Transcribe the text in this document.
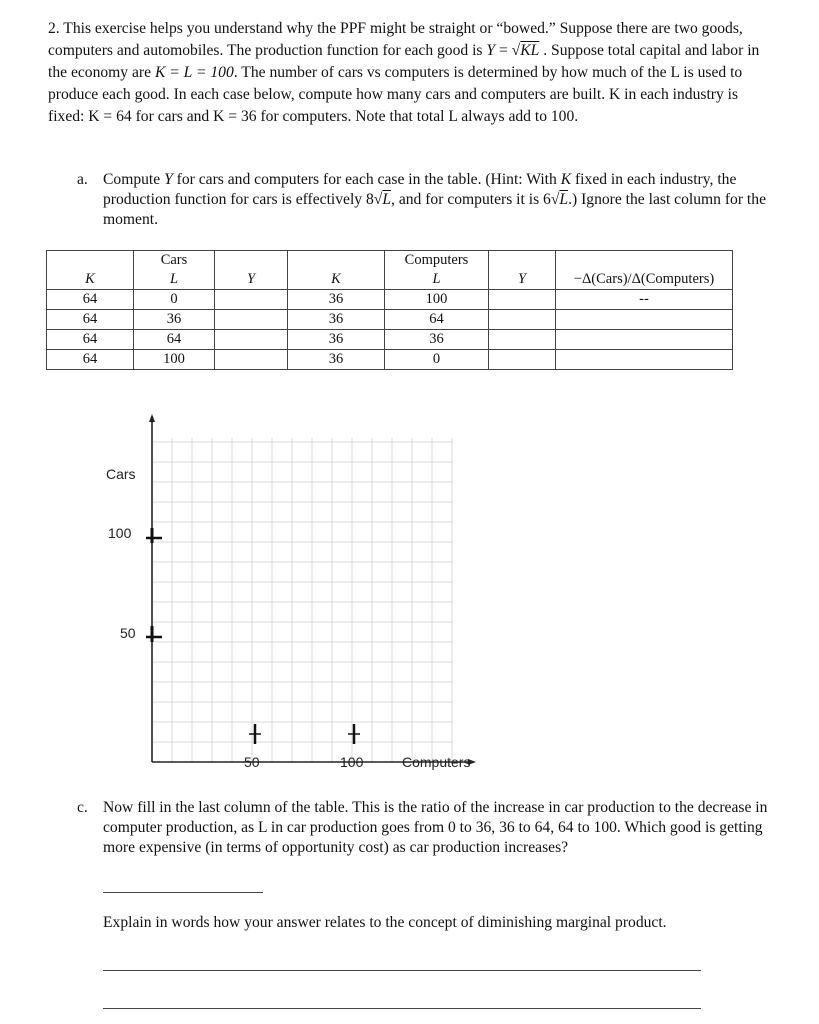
2. This exercise helps you understand why the PPF might be straight or “bowed.” Suppose there are two goods, computers and automobiles. The production function for each good is Y = √KL . Suppose total capital and labor in the economy are K = L = 100. The number of cars vs computers is determined by how much of the L is used to produce each good. In each case below, compute how many cars and computers are built. K in each industry is fixed: K = 64 for cars and K = 36 for computers. Note that total L always add to 100.
a. Compute Y for cars and computers for each case in the table. (Hint: With K fixed in each industry, the production function for cars is effectively 8√L, and for computers it is 6√L.) Ignore the last column for the moment.
	Cars			Computers		
K	L	Y	K	L	Y	−Δ(Cars)/Δ(Computers)
64	0		36	100		--
64	36		36	64		
64	64		36	36		
64	100		36	0		
Cars
100
50
50	100	Computers
c. Now fill in the last column of the table. This is the ratio of the increase in car production to the decrease in computer production, as L in car production goes from 0 to 36, 36 to 64, 64 to 100. Which good is getting more expensive (in terms of opportunity cost) as car production increases?
Explain in words how your answer relates to the concept of diminishing marginal product.
